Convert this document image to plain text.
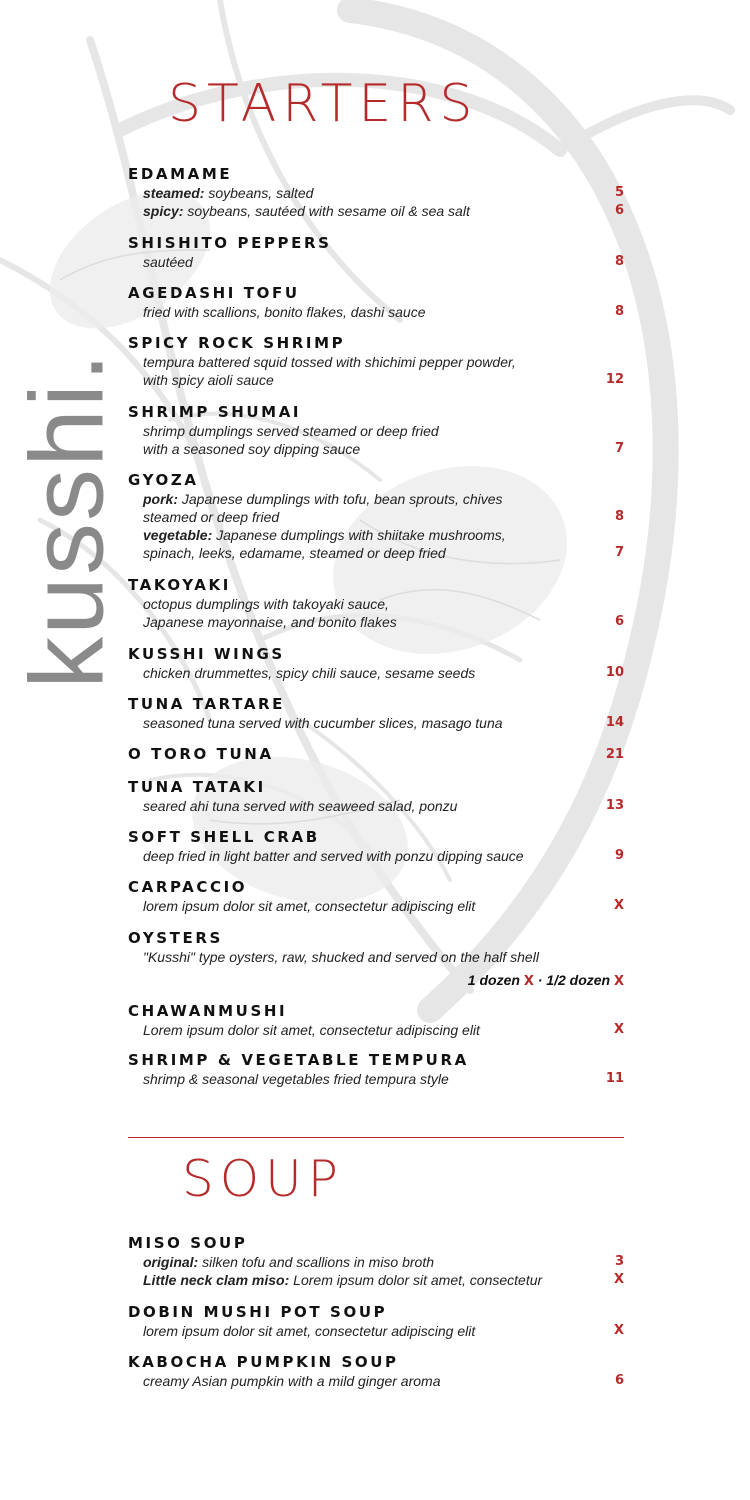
kusshi.
STARTERS
EDAMAME
steamed: soybeans, salted	5
spicy: soybeans, sautéed with sesame oil & sea salt	6
SHISHITO PEPPERS
sautéed	8
AGEDASHI TOFU
fried with scallions, bonito flakes, dashi sauce	8
SPICY ROCK SHRIMP
tempura battered squid tossed with shichimi pepper powder,
with spicy aioli sauce	12
SHRIMP SHUMAI
shrimp dumplings served steamed or deep fried
with a seasoned soy dipping sauce	7
GYOZA
pork: Japanese dumplings with tofu, bean sprouts, chives
steamed or deep fried	8
vegetable: Japanese dumplings with shiitake mushrooms,
spinach, leeks, edamame, steamed or deep fried	7
TAKOYAKI
octopus dumplings with takoyaki sauce,
Japanese mayonnaise, and bonito flakes	6
KUSSHI WINGS
chicken drummettes, spicy chili sauce, sesame seeds	10
TUNA TARTARE
seasoned tuna served with cucumber slices, masago tuna	14
O TORO TUNA	21
TUNA TATAKI
seared ahi tuna served with seaweed salad, ponzu	13
SOFT SHELL CRAB
deep fried in light batter and served with ponzu dipping sauce	9
CARPACCIO
lorem ipsum dolor sit amet, consectetur adipiscing elit	X
OYSTERS
"Kusshi" type oysters, raw, shucked and served on the half shell
1 dozen X · 1/2 dozen X
CHAWANMUSHI
Lorem ipsum dolor sit amet, consectetur adipiscing elit	X
SHRIMP & VEGETABLE TEMPURA
shrimp & seasonal vegetables fried tempura style	11
SOUP
MISO SOUP
original: silken tofu and scallions in miso broth	3
Little neck clam miso: Lorem ipsum dolor sit amet, consectetur	X
DOBIN MUSHI POT SOUP
lorem ipsum dolor sit amet, consectetur adipiscing elit	X
KABOCHA PUMPKIN SOUP
creamy Asian pumpkin with a mild ginger aroma	6
